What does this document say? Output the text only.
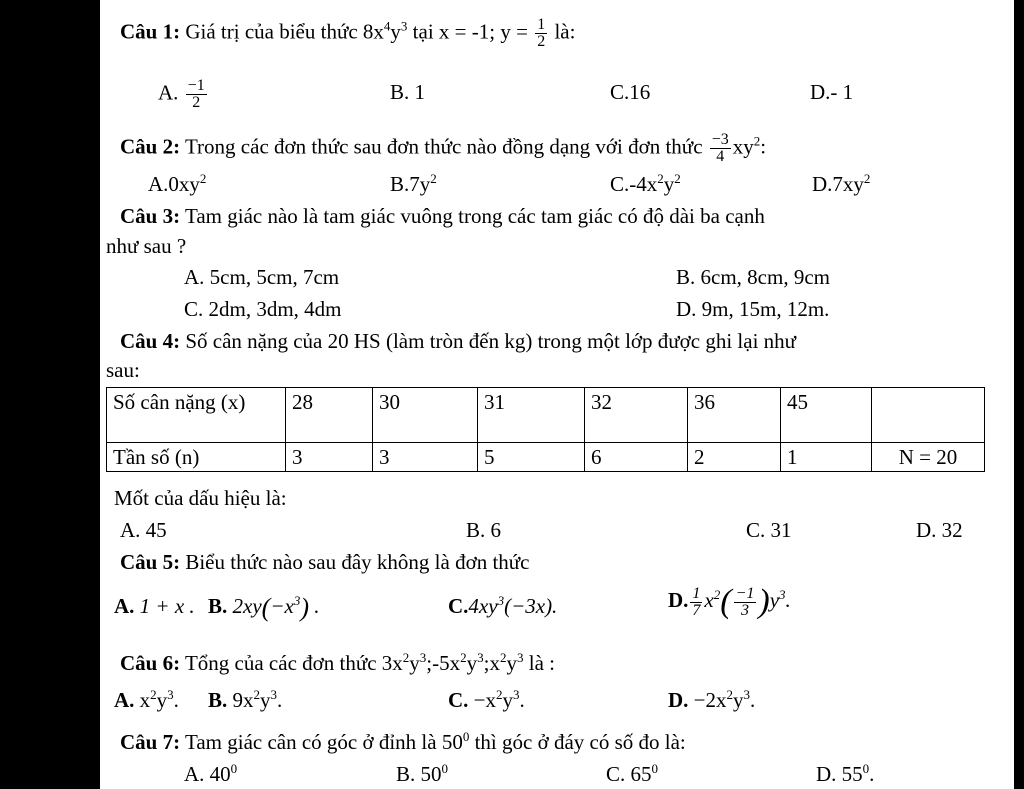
Câu 1: Giá trị của biểu thức $8x^4y^3$ tại x = -1; $y = \frac{1}{2}$ là:
A. $\frac{-1}{2}$	B. 1	C.16	D.- 1
Câu 2: Trong các đơn thức sau đơn thức nào đồng dạng với đơn thức $\frac{-3}{4} xy^2$:
$A.0xy^2$	$B.7y^2$	$C.-4x^2y^2$	$D.7xy^2$
Câu 3: Tam giác nào là tam giác vuông trong các tam giác có độ dài ba cạnh
như sau ?
A. 5cm, 5cm, 7cm	B. 6cm, 8cm, 9cm
C. 2dm, 3dm, 4dm	D. 9m, 15m, 12m.
Câu 4: Số cân nặng của 20 HS (làm tròn đến kg) trong một lớp được ghi lại như
sau:
Số cân nặng (x)	28	30	31	32	36	45	
Tần số (n)	3	3	5	6	2	1	N = 20
Mốt của dấu hiệu là:
A. 45	B. 6	C. 31	D. 32
Câu 5: Biểu thức nào sau đây không là đơn thức
A. 1 + x . B. $2xy(-x^3)$ .	$C.4xy^3(-3x)$.	D. $\frac{1}{7} x^2( \frac{-1}{3} )y^3$.
Câu 6: Tổng của các đơn thức $3x^2y^3;-5x^2y^3;x^2y^3$ là :
A. $x^2y^3$. B. $9x^2y^3$.	C. $-x^2y^3$.	D. $-2x^2y^3$.
Câu 7: Tam giác cân có góc ở đỉnh là $50^0$ thì góc ở đáy có số đo là:
A. $40^0$	B. $50^0$	C. $65^0$	D. $55^0$.
